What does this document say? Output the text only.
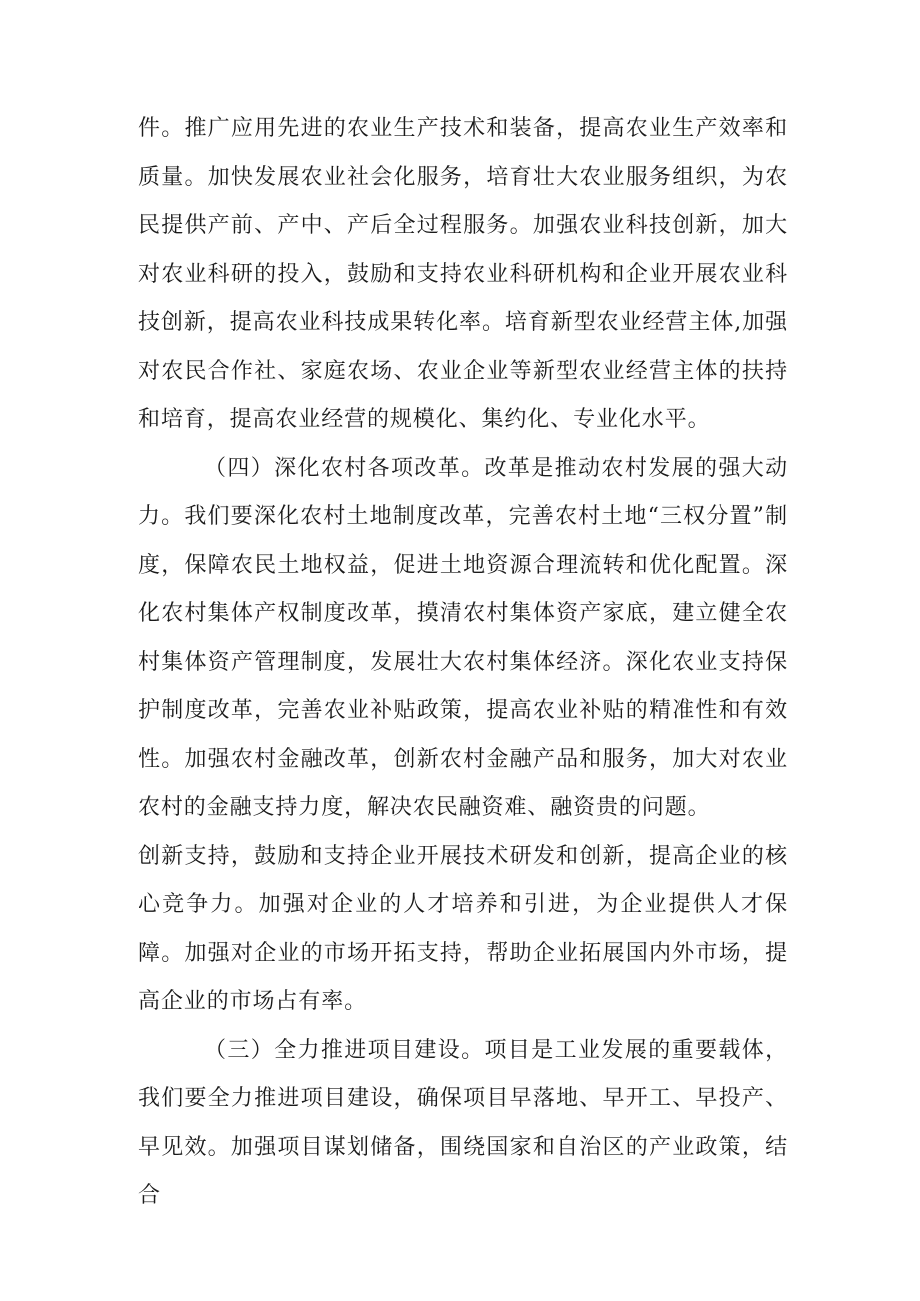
件。推广应用先进的农业生产技术和装备，提高农业生产效率和质量。加快发展农业社会化服务，培育壮大农业服务组织，为农民提供产前、产中、产后全过程服务。加强农业科技创新，加大对农业科研的投入，鼓励和支持农业科研机构和企业开展农业科技创新，提高农业科技成果转化率。培育新型农业经营主体,加强对农民合作社、家庭农场、农业企业等新型农业经营主体的扶持和培育，提高农业经营的规模化、集约化、专业化水平。

（四）深化农村各项改革。改革是推动农村发展的强大动力。我们要深化农村土地制度改革，完善农村土地“三权分置”制度，保障农民土地权益，促进土地资源合理流转和优化配置。深化农村集体产权制度改革，摸清农村集体资产家底，建立健全农村集体资产管理制度，发展壮大农村集体经济。深化农业支持保护制度改革，完善农业补贴政策，提高农业补贴的精准性和有效性。加强农村金融改革，创新农村金融产品和服务，加大对农业农村的金融支持力度，解决农民融资难、融资贵的问题。

创新支持，鼓励和支持企业开展技术研发和创新，提高企业的核心竞争力。加强对企业的人才培养和引进，为企业提供人才保障。加强对企业的市场开拓支持，帮助企业拓展国内外市场，提高企业的市场占有率。

（三）全力推进项目建设。项目是工业发展的重要载体，我们要全力推进项目建设，确保项目早落地、早开工、早投产、早见效。加强项目谋划储备，围绕国家和自治区的产业政策，结合
